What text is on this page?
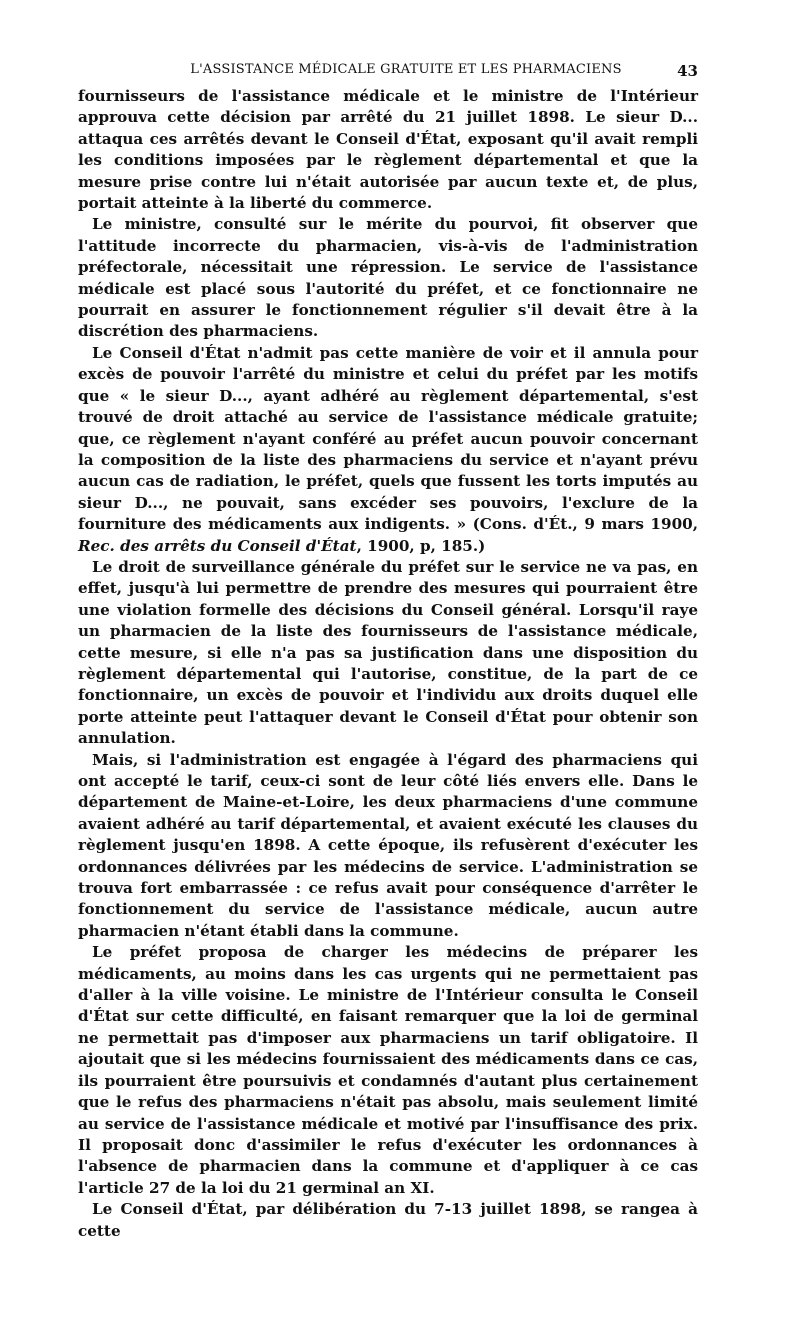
L'ASSISTANCE MÉDICALE GRATUITE ET LES PHARMACIENS	43

fournisseurs de l'assistance médicale et le ministre de l'Intérieur approuva cette décision par arrêté du 21 juillet 1898. Le sieur D... attaqua ces arrêtés devant le Conseil d'État, exposant qu'il avait rempli les conditions imposées par le règlement départemental et que la mesure prise contre lui n'était autorisée par aucun texte et, de plus, portait atteinte à la liberté du commerce.

Le ministre, consulté sur le mérite du pourvoi, fit observer que l'attitude incorrecte du pharmacien, vis-à-vis de l'administration préfectorale, nécessitait une répression. Le service de l'assistance médicale est placé sous l'autorité du préfet, et ce fonctionnaire ne pourrait en assurer le fonctionnement régulier s'il devait être à la discrétion des pharmaciens.

Le Conseil d'État n'admit pas cette manière de voir et il annula pour excès de pouvoir l'arrêté du ministre et celui du préfet par les motifs que « le sieur D..., ayant adhéré au règlement départemental, s'est trouvé de droit attaché au service de l'assistance médicale gratuite; que, ce règlement n'ayant conféré au préfet aucun pouvoir concernant la composition de la liste des pharmaciens du service et n'ayant prévu aucun cas de radiation, le préfet, quels que fussent les torts imputés au sieur D..., ne pouvait, sans excéder ses pouvoirs, l'exclure de la fourniture des médicaments aux indigents. » (Cons. d'Ét., 9 mars 1900, Rec. des arrêts du Conseil d'État, 1900, p, 185.)

Le droit de surveillance générale du préfet sur le service ne va pas, en effet, jusqu'à lui permettre de prendre des mesures qui pourraient être une violation formelle des décisions du Conseil général. Lorsqu'il raye un pharmacien de la liste des fournisseurs de l'assistance médicale, cette mesure, si elle n'a pas sa justification dans une disposition du règlement départemental qui l'autorise, constitue, de la part de ce fonctionnaire, un excès de pouvoir et l'individu aux droits duquel elle porte atteinte peut l'attaquer devant le Conseil d'État pour obtenir son annulation.

Mais, si l'administration est engagée à l'égard des pharmaciens qui ont accepté le tarif, ceux-ci sont de leur côté liés envers elle. Dans le département de Maine-et-Loire, les deux pharmaciens d'une commune avaient adhéré au tarif départemental, et avaient exécuté les clauses du règlement jusqu'en 1898. A cette époque, ils refusèrent d'exécuter les ordonnances délivrées par les médecins de service. L'administration se trouva fort embarrassée : ce refus avait pour conséquence d'arrêter le fonctionnement du service de l'assistance médicale, aucun autre pharmacien n'étant établi dans la commune.

Le préfet proposa de charger les médecins de préparer les médicaments, au moins dans les cas urgents qui ne permettaient pas d'aller à la ville voisine. Le ministre de l'Intérieur consulta le Conseil d'État sur cette difficulté, en faisant remarquer que la loi de germinal ne permettait pas d'imposer aux pharmaciens un tarif obligatoire. Il ajoutait que si les médecins fournissaient des médicaments dans ce cas, ils pourraient être poursuivis et condamnés d'autant plus certainement que le refus des pharmaciens n'était pas absolu, mais seulement limité au service de l'assistance médicale et motivé par l'insuffisance des prix. Il proposait donc d'assimiler le refus d'exécuter les ordonnances à l'absence de pharmacien dans la commune et d'appliquer à ce cas l'article 27 de la loi du 21 germinal an XI.

Le Conseil d'État, par délibération du 7-13 juillet 1898, se rangea à cette
